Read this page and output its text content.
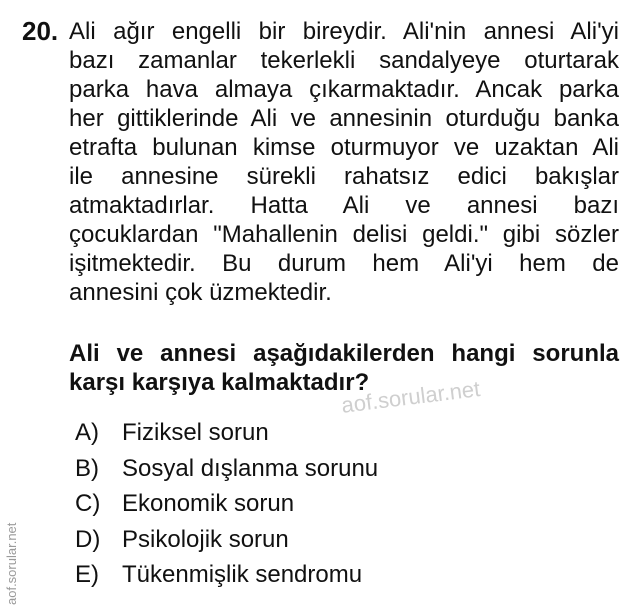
20. Ali ağır engelli bir bireydir. Ali'nin annesi Ali'yi
bazı zamanlar tekerlekli sandalyeye oturtarak
parka hava almaya çıkarmaktadır. Ancak parka
her gittiklerinde Ali ve annesinin oturduğu banka
etrafta bulunan kimse oturmuyor ve uzaktan Ali
ile annesine sürekli rahatsız edici bakışlar
atmaktadırlar. Hatta Ali ve annesi bazı
çocuklardan "Mahallenin delisi geldi." gibi sözler
işitmektedir. Bu durum hem Ali'yi hem de
annesini çok üzmektedir.
Ali ve annesi aşağıdakilerden hangi sorunla
karşı karşıya kalmaktadır?
A) Fiziksel sorun
B) Sosyal dışlanma sorunu
C) Ekonomik sorun
D) Psikolojik sorun
E) Tükenmişlik sendromu
aof.sorular.net
aof.sorular.net
